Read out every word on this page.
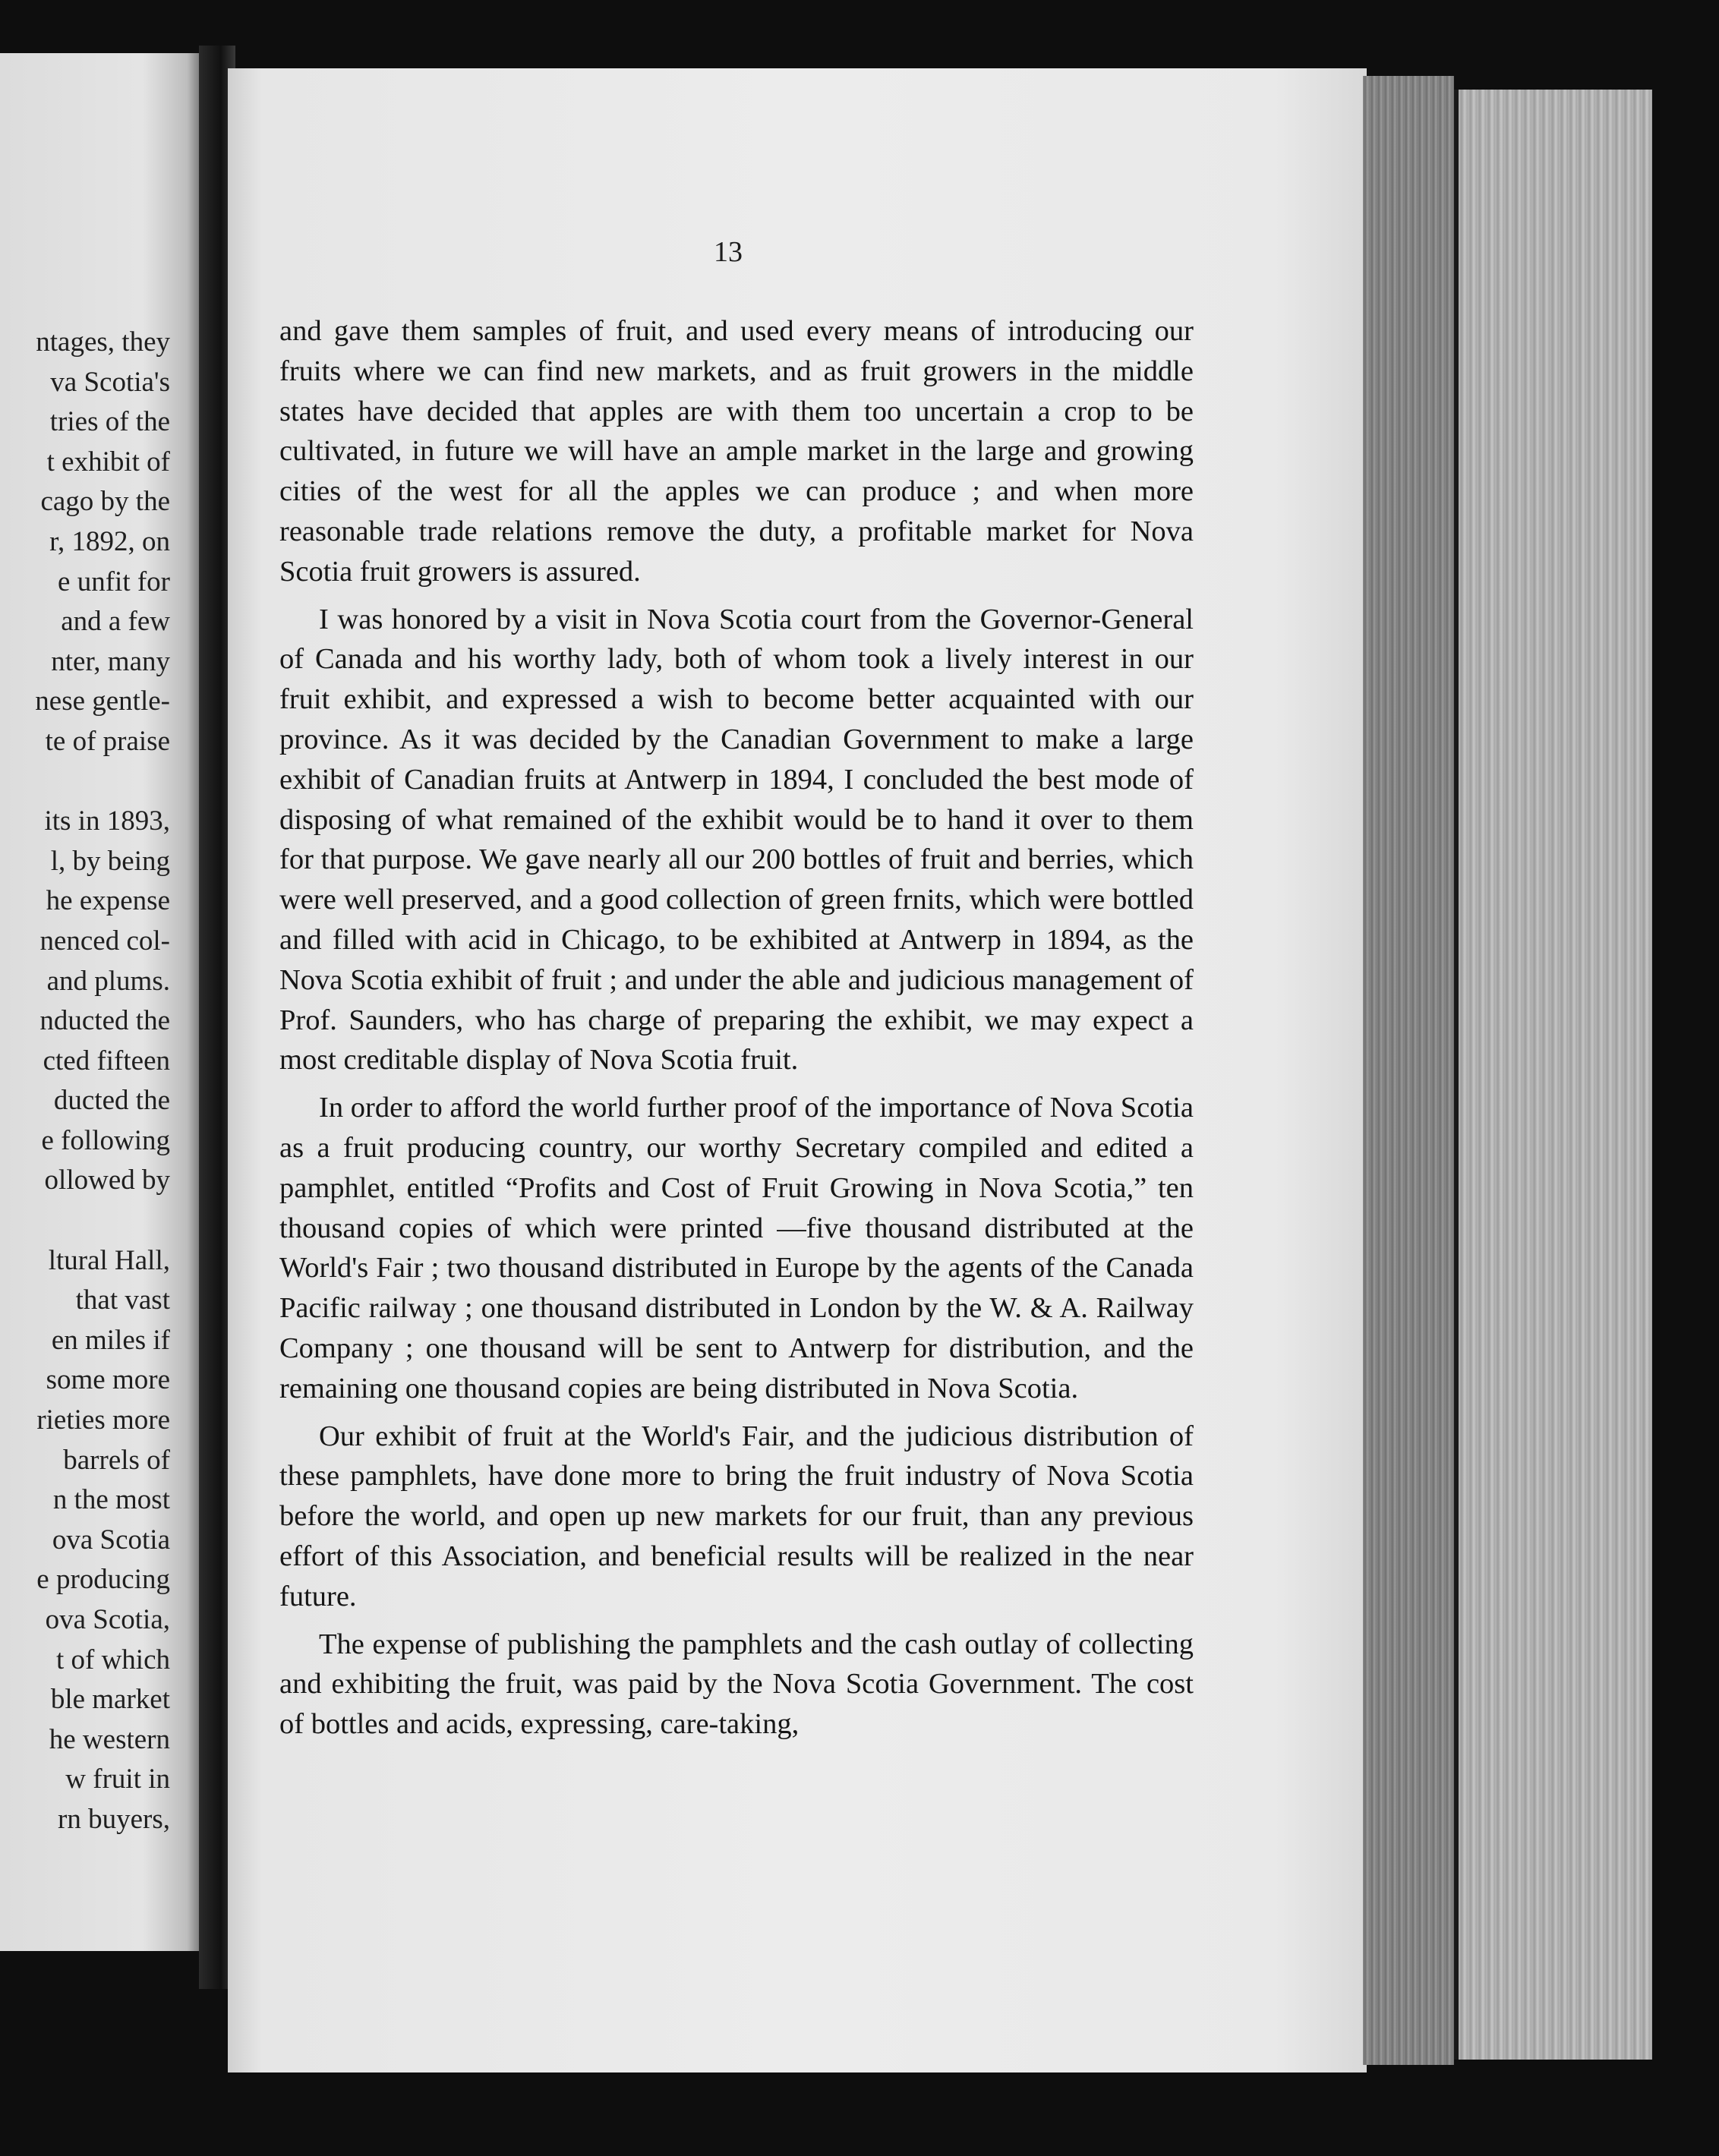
ntages, they
va Scotia's
tries of the
t exhibit of
cago by the
r, 1892, on
e unfit for
and a few
nter, many
nese gentle-
te of praise
its in 1893,
l, by being
he expense
nenced col-
and plums.
nducted the
cted fifteen
ducted the
e following
ollowed by
ltural Hall,
that vast
en miles if
some more
rieties more
barrels of
n the most
ova Scotia
e producing
ova Scotia,
t of which
ble market
he western
w fruit in
rn buyers,
13

and gave them samples of fruit, and used every means of introducing our fruits where we can find new markets, and as fruit growers in the middle states have decided that apples are with them too uncertain a crop to be cultivated, in future we will have an ample market in the large and growing cities of the west for all the apples we can produce ; and when more reasonable trade relations remove the duty, a profitable market for Nova Scotia fruit growers is assured.

I was honored by a visit in Nova Scotia court from the Governor-General of Canada and his worthy lady, both of whom took a lively interest in our fruit exhibit, and expressed a wish to become better acquainted with our province. As it was decided by the Canadian Government to make a large exhibit of Canadian fruits at Antwerp in 1894, I concluded the best mode of disposing of what remained of the exhibit would be to hand it over to them for that purpose. We gave nearly all our 200 bottles of fruit and berries, which were well preserved, and a good collection of green frnits, which were bottled and filled with acid in Chicago, to be exhibited at Antwerp in 1894, as the Nova Scotia exhibit of fruit ; and under the able and judicious management of Prof. Saunders, who has charge of preparing the exhibit, we may expect a most creditable display of Nova Scotia fruit.

In order to afford the world further proof of the importance of Nova Scotia as a fruit producing country, our worthy Secretary compiled and edited a pamphlet, entitled “Profits and Cost of Fruit Growing in Nova Scotia,” ten thousand copies of which were printed —five thousand distributed at the World's Fair ; two thousand distributed in Europe by the agents of the Canada Pacific railway ; one thousand distributed in London by the W. & A. Railway Company ; one thousand will be sent to Antwerp for distribution, and the remaining one thousand copies are being distributed in Nova Scotia.

Our exhibit of fruit at the World's Fair, and the judicious distribution of these pamphlets, have done more to bring the fruit industry of Nova Scotia before the world, and open up new markets for our fruit, than any previous effort of this Association, and beneficial results will be realized in the near future.

The expense of publishing the pamphlets and the cash outlay of collecting and exhibiting the fruit, was paid by the Nova Scotia Government. The cost of bottles and acids, expressing, care-taking,
